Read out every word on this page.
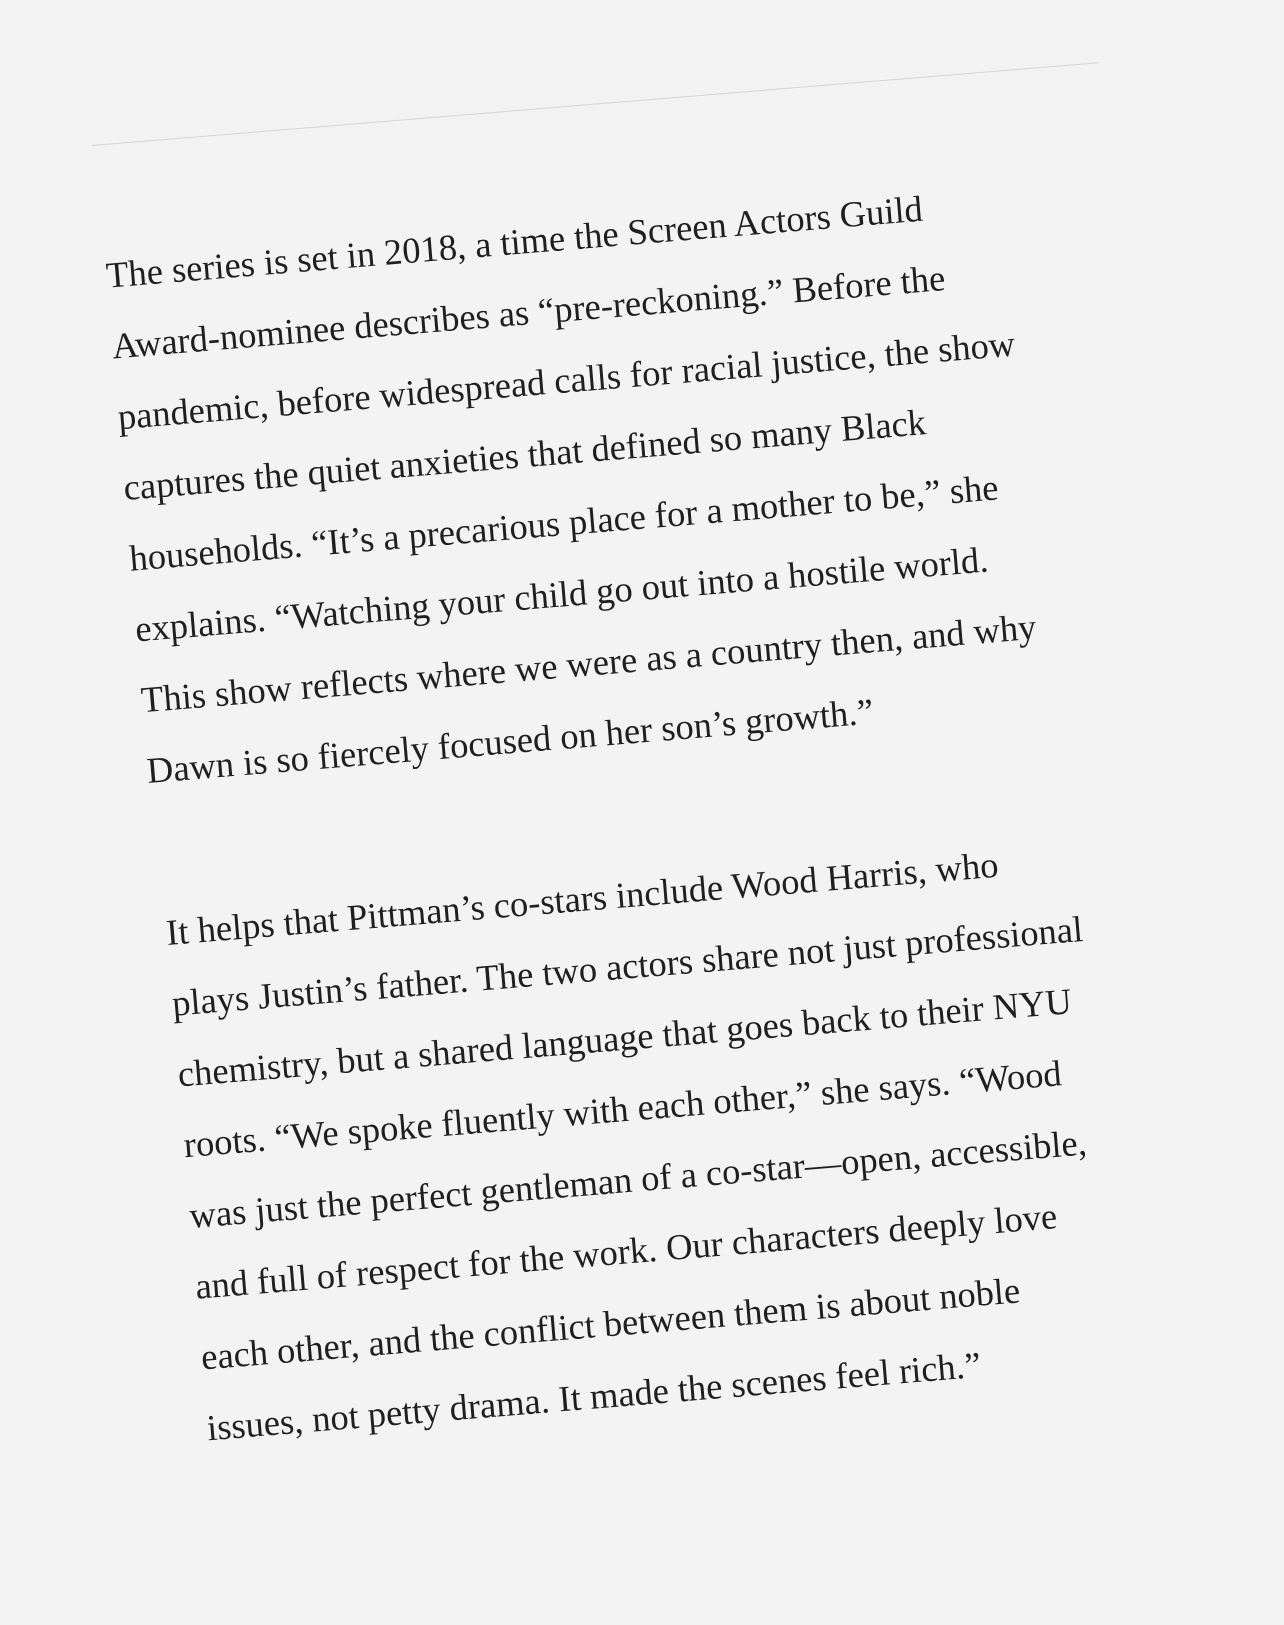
The series is set in 2018, a time the Screen Actors Guild
Award-nominee describes as “pre-reckoning.” Before the
pandemic, before widespread calls for racial justice, the show
captures the quiet anxieties that defined so many Black
households. “It’s a precarious place for a mother to be,” she
explains. “Watching your child go out into a hostile world.
This show reflects where we were as a country then, and why
Dawn is so fiercely focused on her son’s growth.”
It helps that Pittman’s co-stars include Wood Harris, who
plays Justin’s father. The two actors share not just professional
chemistry, but a shared language that goes back to their NYU
roots. “We spoke fluently with each other,” she says. “Wood
was just the perfect gentleman of a co-star—open, accessible,
and full of respect for the work. Our characters deeply love
each other, and the conflict between them is about noble
issues, not petty drama. It made the scenes feel rich.”
